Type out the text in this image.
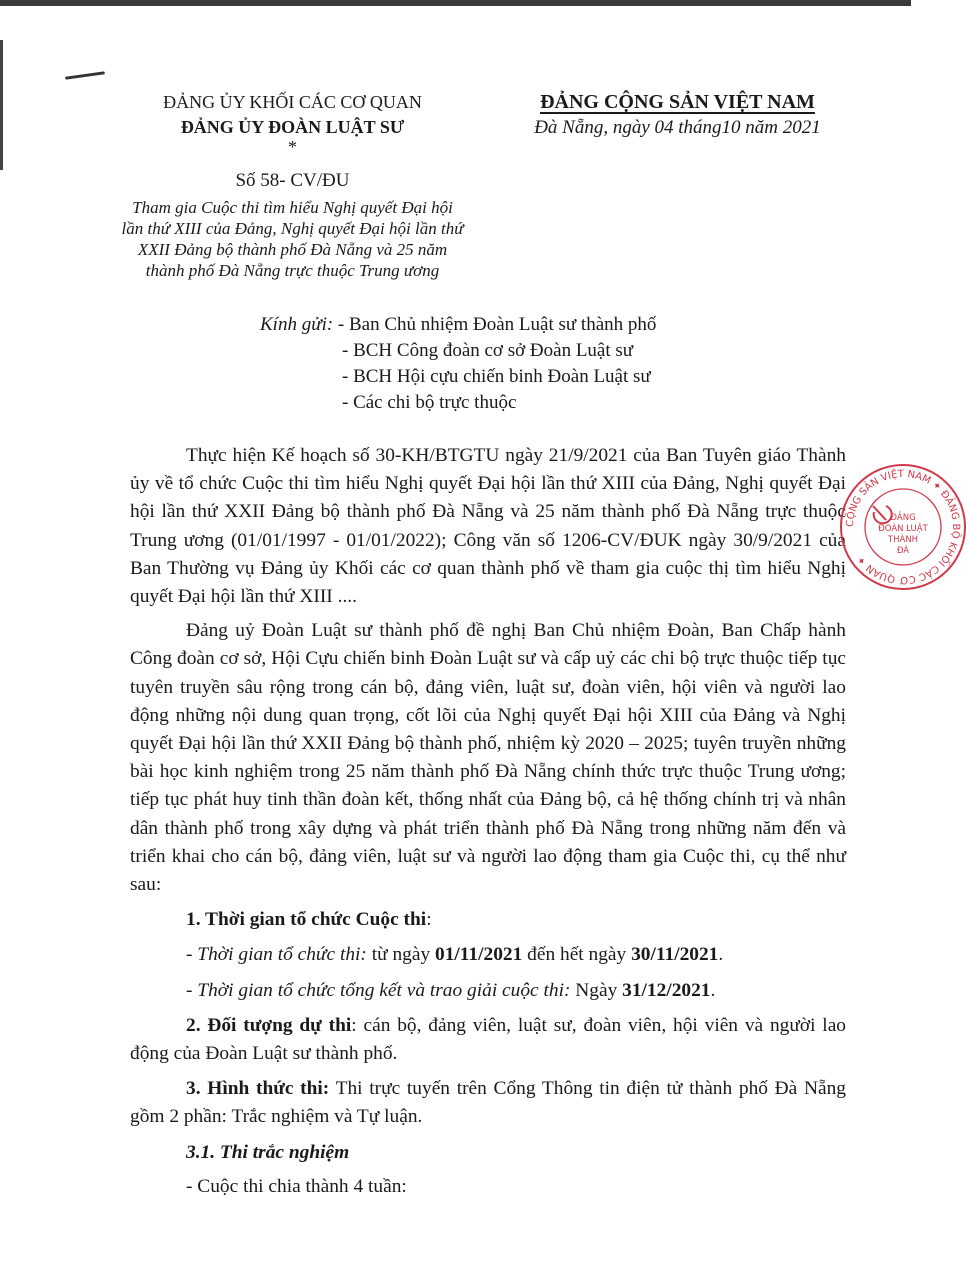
ĐẢNG ỦY KHỐI CÁC CƠ QUAN
ĐẢNG ỦY ĐOÀN LUẬT SƯ
*
Số 58- CV/ĐU
Tham gia Cuộc thi tìm hiểu Nghị quyết Đại hội
lần thứ XIII của Đảng, Nghị quyết Đại hội lần thứ
XXII Đảng bộ thành phố Đà Nẵng và 25 năm
thành phố Đà Nẵng trực thuộc Trung ương
ĐẢNG CỘNG SẢN VIỆT NAM
Đà Nẵng, ngày 04 tháng10 năm 2021
Kính gửi: - Ban Chủ nhiệm Đoàn Luật sư thành phố
- BCH Công đoàn cơ sở Đoàn Luật sư
- BCH Hội cựu chiến binh Đoàn Luật sư
- Các chi bộ trực thuộc

Thực hiện Kế hoạch số 30-KH/BTGTU ngày 21/9/2021 của Ban Tuyên giáo Thành ủy về tổ chức Cuộc thi tìm hiểu Nghị quyết Đại hội lần thứ XIII của Đảng, Nghị quyết Đại hội lần thứ XXII Đảng bộ thành phố Đà Nẵng và 25 năm thành phố Đà Nẵng trực thuộc Trung ương (01/01/1997 - 01/01/2022); Công văn số 1206-CV/ĐUK ngày 30/9/2021 của Ban Thường vụ Đảng ủy Khối các cơ quan thành phố về tham gia cuộc thị tìm hiểu Nghị quyết Đại hội lần thứ XIII ....

Đảng uỷ Đoàn Luật sư thành phố đề nghị Ban Chủ nhiệm Đoàn, Ban Chấp hành Công đoàn cơ sở, Hội Cựu chiến binh Đoàn Luật sư và cấp uỷ các chi bộ trực thuộc tiếp tục tuyên truyền sâu rộng trong cán bộ, đảng viên, luật sư, đoàn viên, hội viên và người lao động những nội dung quan trọng, cốt lõi của Nghị quyết Đại hội XIII của Đảng và Nghị quyết Đại hội lần thứ XXII Đảng bộ thành phố, nhiệm kỳ 2020 – 2025; tuyên truyền những bài học kinh nghiệm trong 25 năm thành phố Đà Nẵng chính thức trực thuộc Trung ương; tiếp tục phát huy tinh thần đoàn kết, thống nhất của Đảng bộ, cả hệ thống chính trị và nhân dân thành phố trong xây dựng và phát triển thành phố Đà Nẵng trong những năm đến và triển khai cho cán bộ, đảng viên, luật sư và người lao động tham gia Cuộc thi, cụ thể như sau:

1. Thời gian tổ chức Cuộc thi:

- Thời gian tổ chức thi: từ ngày 01/11/2021 đến hết ngày 30/11/2021.

- Thời gian tổ chức tổng kết và trao giải cuộc thi: Ngày 31/12/2021.

2. Đối tượng dự thi: cán bộ, đảng viên, luật sư, đoàn viên, hội viên và người lao động của Đoàn Luật sư thành phố.

3. Hình thức thi: Thi trực tuyến trên Cổng Thông tin điện tử thành phố Đà Nẵng gồm 2 phần: Trắc nghiệm và Tự luận.

3.1. Thi trắc nghiệm

- Cuộc thi chia thành 4 tuần:

CỘNG SẢN VIỆT NAM ✦ ĐẢNG BỘ KHỐI CÁC CƠ QUAN ✦
ĐẢNG
ĐOÀN LUẬT
THÀNH
ĐÀ
